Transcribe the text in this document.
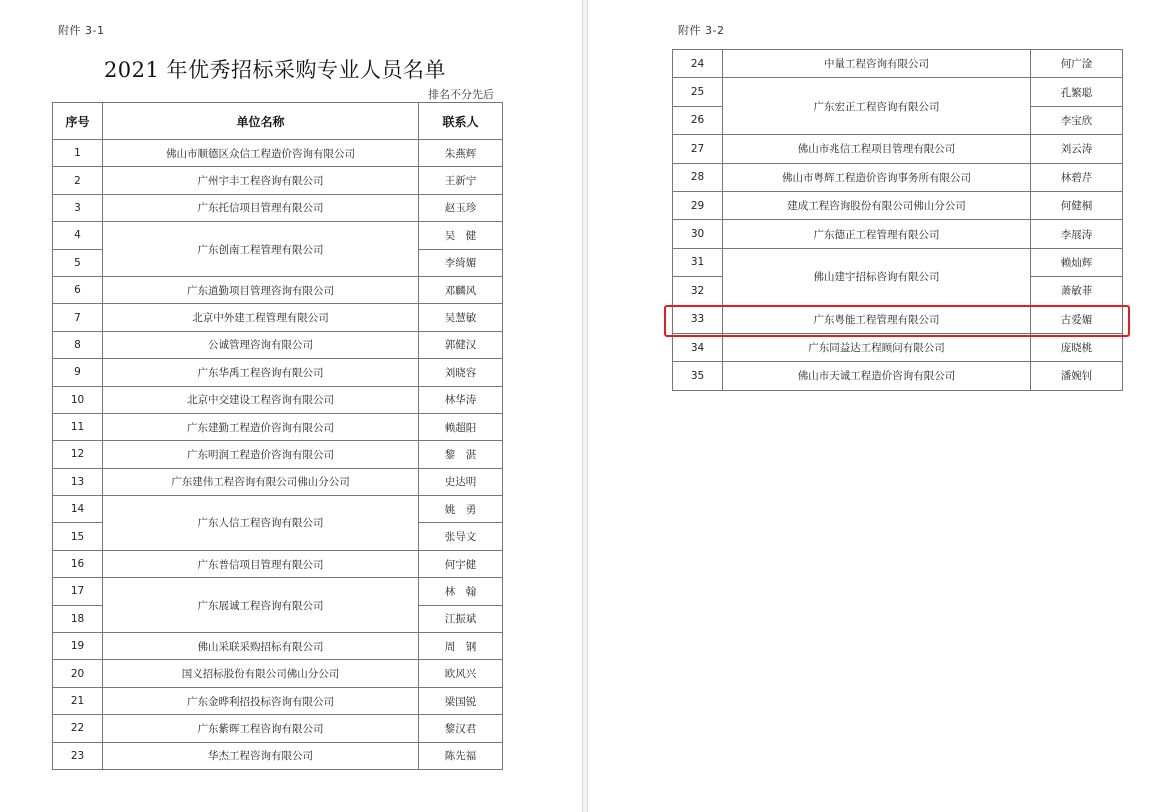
附件 3-1
2021 年优秀招标采购专业人员名单
排名不分先后
序号	单位名称	联系人
1	佛山市顺德区众信工程造价咨询有限公司	朱燕辉
2	广州宇丰工程咨询有限公司	王新宁
3	广东托信项目管理有限公司	赵玉珍
4	广东创南工程管理有限公司	吴　健
5		李绮媚
6	广东道勤项目管理咨询有限公司	邓麟风
7	北京中外建工程管理有限公司	吴慧敏
8	公诚管理咨询有限公司	郭健汉
9	广东华禹工程咨询有限公司	刘晓容
10	北京中交建设工程咨询有限公司	林华涛
11	广东建勤工程造价咨询有限公司	赖超阳
12	广东明润工程造价咨询有限公司	黎　湛
13	广东建伟工程咨询有限公司佛山分公司	史达明
14	广东人信工程咨询有限公司	姚　勇
15		张导文
16	广东普信项目管理有限公司	何宇健
17	广东展诚工程咨询有限公司	林　翰
18		江振斌
19	佛山采联采购招标有限公司	周　钢
20	国义招标股份有限公司佛山分公司	欧风兴
21	广东金晔利招投标咨询有限公司	梁国锐
22	广东紫晖工程咨询有限公司	黎汉君
23	华杰工程咨询有限公司	陈先福
附件 3-2
24	中量工程咨询有限公司	何广淦
25	广东宏正工程咨询有限公司	孔繁聪
26		李宝欣
27	佛山市兆信工程项目管理有限公司	刘云涛
28	佛山市粤辉工程造价咨询事务所有限公司	林碧芹
29	建成工程咨询股份有限公司佛山分公司	何健桐
30	广东德正工程管理有限公司	李展涛
31	佛山建宇招标咨询有限公司	赖灿辉
32		萧敏菲
33	广东粤能工程管理有限公司	古爱媚
34	广东同益达工程顾问有限公司	庞晓桃
35	佛山市天诚工程造价咨询有限公司	潘婉钊
